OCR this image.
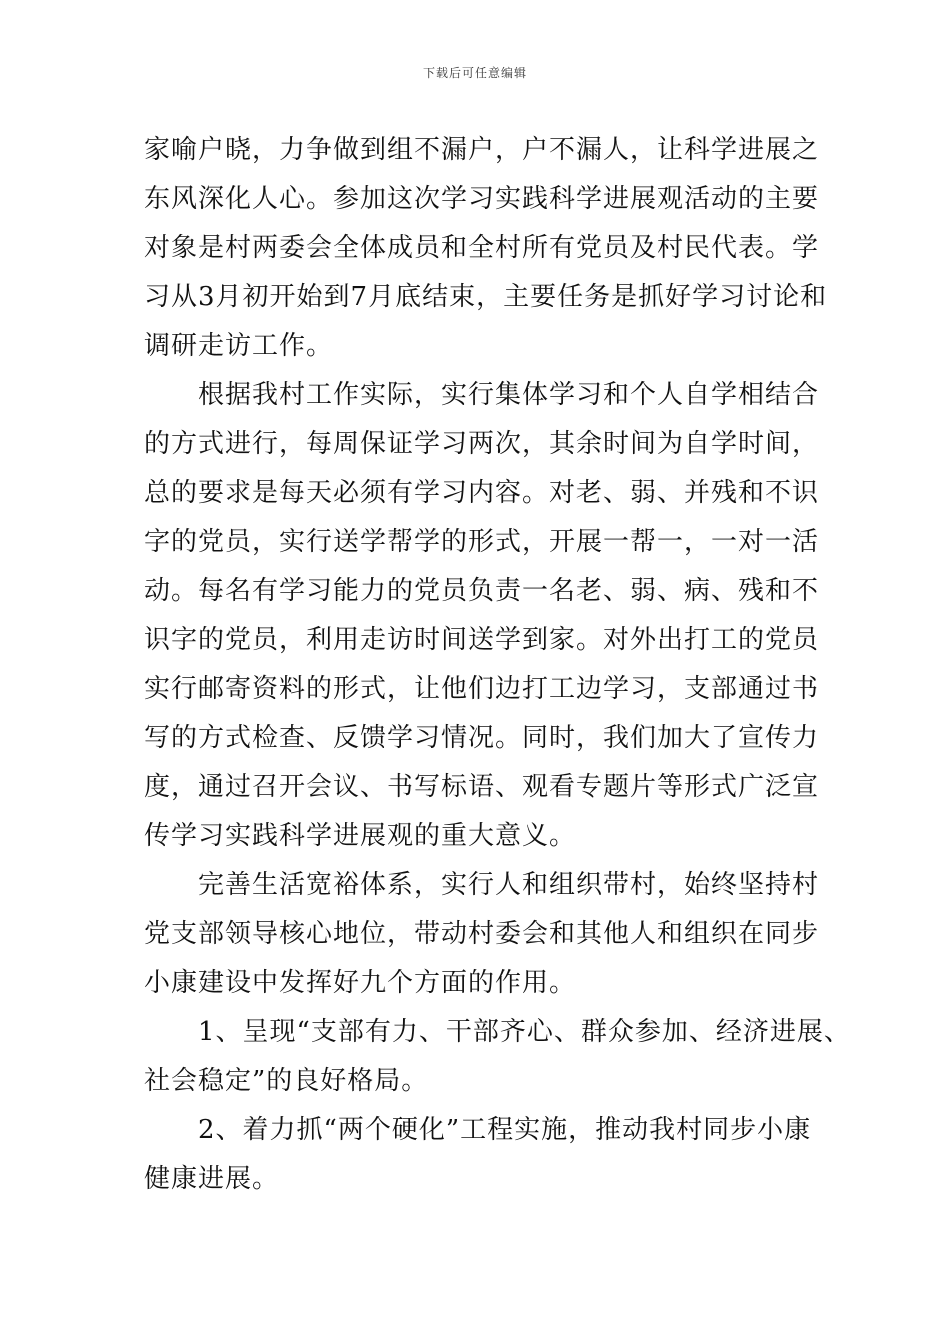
下载后可任意编辑
家喻户晓，力争做到组不漏户，户不漏人，让科学进展之
东风深化人心。参加这次学习实践科学进展观活动的主要
对象是村两委会全体成员和全村所有党员及村民代表。学
习从3月初开始到7月底结束，主要任务是抓好学习讨论和
调研走访工作。
根据我村工作实际，实行集体学习和个人自学相结合
的方式进行，每周保证学习两次，其余时间为自学时间，
总的要求是每天必须有学习内容。对老、弱、并残和不识
字的党员，实行送学帮学的形式，开展一帮一，一对一活
动。每名有学习能力的党员负责一名老、弱、病、残和不
识字的党员，利用走访时间送学到家。对外出打工的党员
实行邮寄资料的形式，让他们边打工边学习，支部通过书
写的方式检查、反馈学习情况。同时，我们加大了宣传力
度，通过召开会议、书写标语、观看专题片等形式广泛宣
传学习实践科学进展观的重大意义。
完善生活宽裕体系，实行人和组织带村，始终坚持村
党支部领导核心地位，带动村委会和其他人和组织在同步
小康建设中发挥好九个方面的作用。
1、呈现“支部有力、干部齐心、群众参加、经济进展、
社会稳定”的良好格局。
2、着力抓“两个硬化”工程实施，推动我村同步小康
健康进展。
